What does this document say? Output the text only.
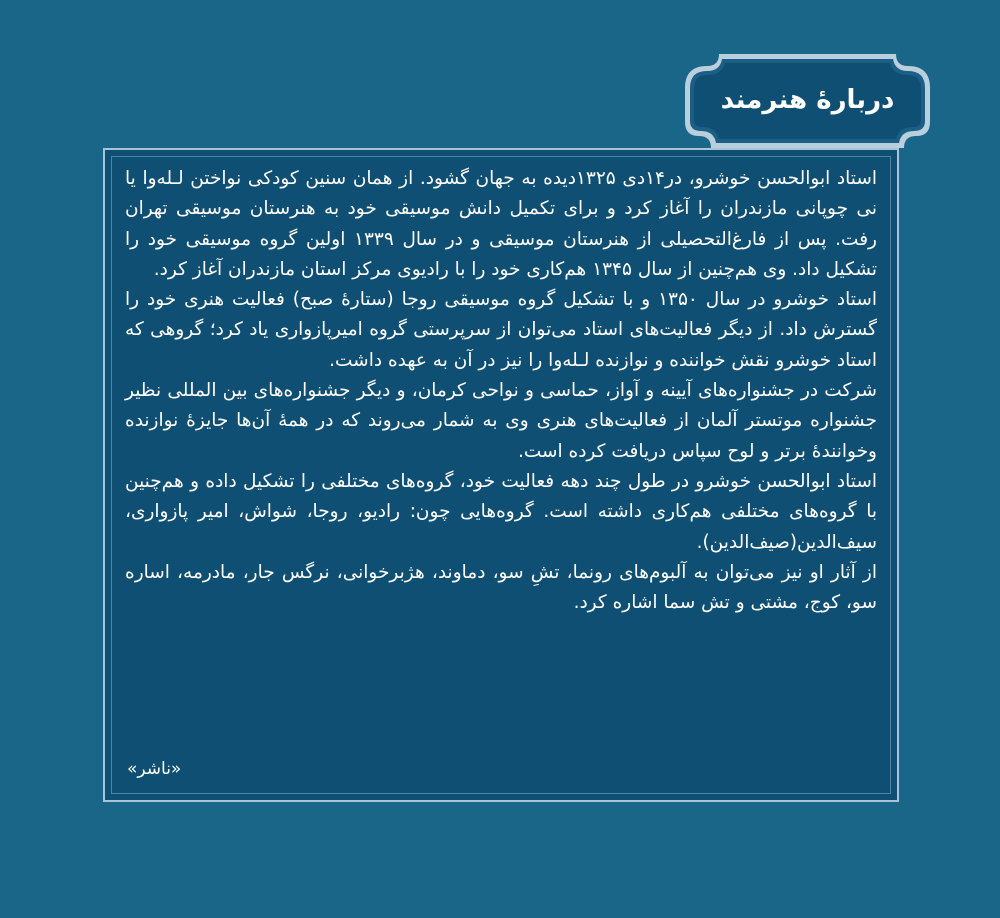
دربارهٔ هنرمند

استاد ابوالحسن خوشرو، در۱۴دی ۱۳۲۵دیده به جهان گشود. از همان سنین کودکی نواختن لـله‌وا یا نی چوپانی مازندران را آغاز کرد و برای تکمیل دانش موسیقی خود به هنرستان موسیقی تهران رفت. پس از فارغ‌التحصیلی از هنرستان موسیقی و در سال ۱۳۳۹ اولین گروه موسیقی خود را تشکیل داد. وی هم‌چنین از سال ۱۳۴۵ هم‌کاری خود را با رادیوی مرکز استان مازندران آغاز کرد.

استاد خوشرو در سال ۱۳۵۰ و با تشکیل گروه موسیقی روجا (ستارهٔ صبح) فعالیت هنری خود را گسترش داد. از دیگر فعالیت‌های استاد می‌توان از سرپرستی گروه امیرپازواری یاد کرد؛ گروهی که استاد خوشرو نقش خواننده و نوازنده لـله‌وا را نیز در آن به عهده داشت.

شرکت در جشنواره‌های آیینه و آواز، حماسی و نواحی کرمان، و دیگر جشنواره‌های بین المللی نظیر جشنواره موتستر آلمان از فعالیت‌های هنری وی به شمار می‌روند که در همهٔ آن‌ها جایزهٔ نوازنده وخوانندهٔ برتر و لوح سپاس دریافت کرده است.

استاد ابوالحسن خوشرو در طول چند دهه فعالیت خود، گروه‌های مختلفی را تشکیل داده و هم‌چنین با گروه‌های مختلفی هم‌کاری داشته است. گروه‌هایی چون: رادیو، روجا، شواش، امیر پازواری، سیف‌الدین(صیف‌الدین).

از آثار او نیز می‌توان به آلبوم‌های رونما، تشِ سو، دماوند، هژبرخوانی، نرگس جار، مادرمه، اساره سو، کوج، مشتی و تش سما اشاره کرد.

«ناشر»
